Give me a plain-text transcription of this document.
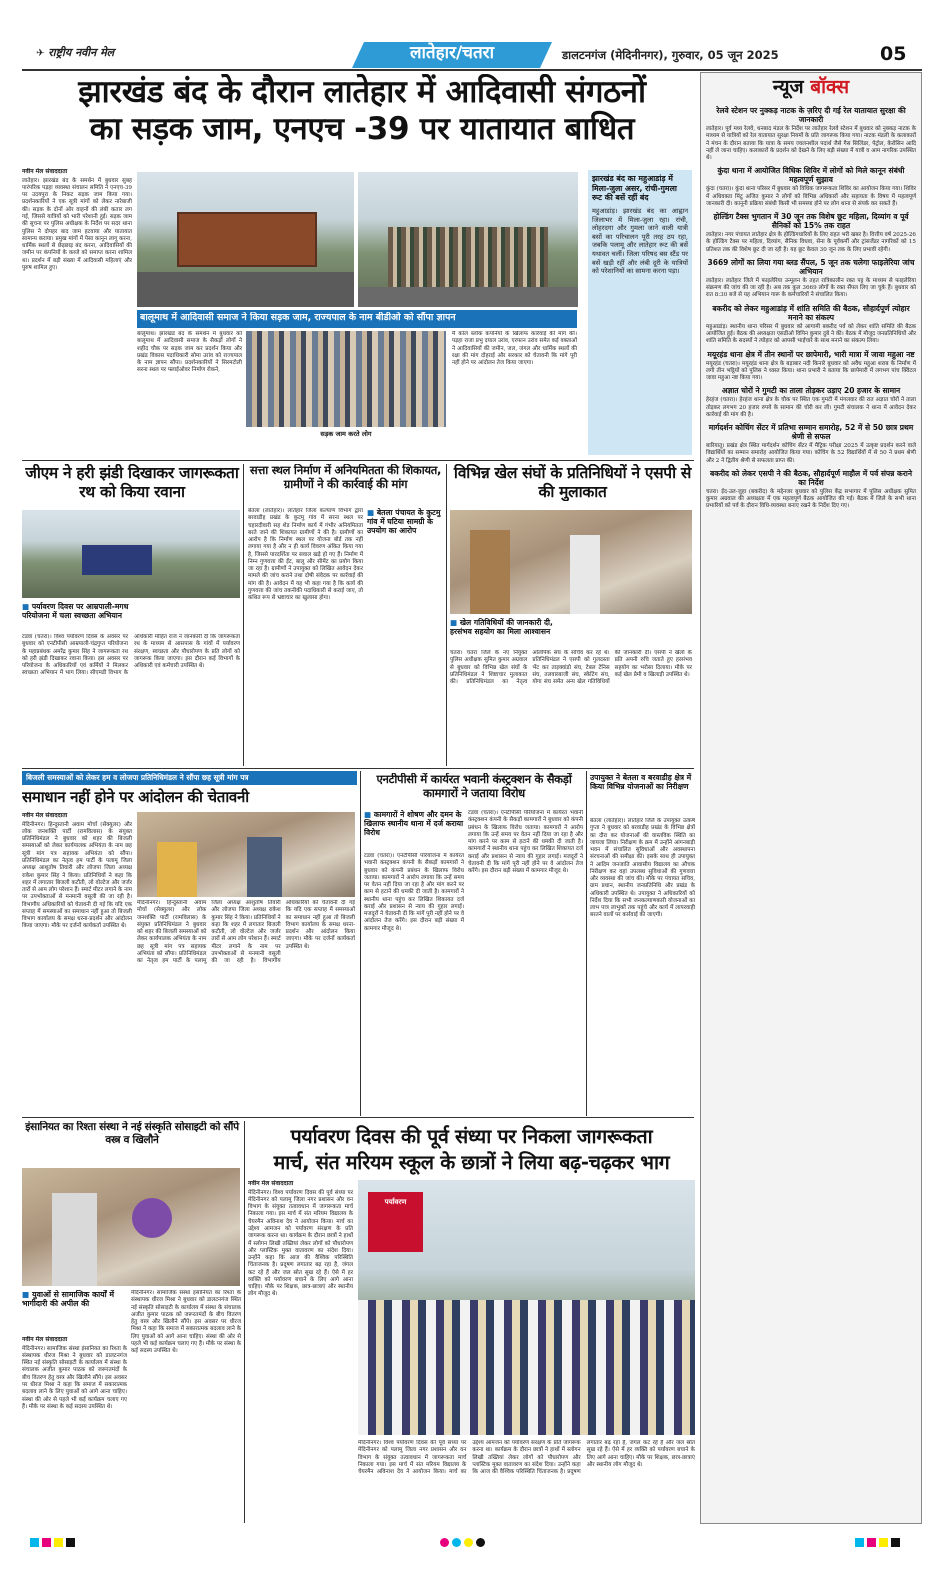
✈ राष्ट्रीय नवीन मेल	लातेहार/चतरा	डालटनगंज (मेदिनीनगर), गुरुवार, 05 जून 2025	05
झारखंड बंद के दौरान लातेहार में आदिवासी संगठनों
का सड़क जाम, एनएच -39 पर यातायात बाधित
नवीन मेल संवाददाता
लातेहार। झारखंड बंद के समर्थन में बुधवार सुबह पारंपरिक पड़हा व्यवस्था संचालन समिति ने एनएच-39 पर उदयपुरा के निकट सड़क जाम किया गया। प्रदर्शनकारियों ने एक सूत्री मांगों को लेकर नारेबाजी की। सड़क के दोनों ओर वाहनों की लंबी कतार लग गई, जिससे यात्रियों को भारी परेशानी हुई। सड़क जाम की सूचना पर पुलिस अधीक्षक के निर्देश पर सदर थाना पुलिस ने दोपहर बाद जाम हटवाया और यातायात सामान्य कराया। प्रमुख मांगों में पेसा कानून लागू करना, धार्मिक स्थलों से छेड़छाड़ बंद करना, आदिवासियों की जमीन पर कंपनियों के कब्जे को समाप्त करना शामिल था। प्रदर्शन में बड़ी संख्या में आदिवासी महिलाएं और पुरुष शामिल हुए।
झारखंड बंद का महुआडांड़ में मिला-जुला असर, रांची-गुमला रूट की बसें रहीं बंद
महुआडांड़। झारखंड बंद का आह्वान जिलाभर में मिला-जुला रहा। रांची, लोहरदगा और गुमला जाने वाली यात्री बसों का परिचालन पूरी तरह ठप रहा, जबकि पलामू और लातेहार रूट की बसें यथावत चलीं। जिला परिषद बस स्टैंड पर बसें खड़ी रहीं और लंबी दूरी के यात्रियों को परेशानियों का सामना करना पड़ा।
बालूमाथ में आदिवासी समाज ने किया सड़क जाम, राज्यपाल के नाम बीडीओ को सौंपा ज्ञापन
बालूमाथ। झारखंड बंद के समर्थन में बुधवार को बालूमाथ में आदिवासी समाज के सैकड़ों लोगों ने शहीद चौक पर सड़क जाम कर प्रदर्शन किया और प्रखंड विकास पदाधिकारी सोमा उरांव को राज्यपाल के नाम ज्ञापन सौंपा। प्रदर्शनकारियों ने सिरमटोली सरना स्थल पर फ्लाईओवर निर्माण रोकने,
सड़क जाम करते लोग
मैं कोल ब्लॉक कंपनियों के खिलाफ कार्रवाई की मांग की। पड़हा राजा प्रभु दयाल उरांव, एरफान उरांव समेत कई वक्ताओं ने आदिवासियों की जमीन, जल, जंगल और धार्मिक स्थलों की रक्षा की मांग दोहराई और सरकार को चेतावनी कि मांगे पूरी नहीं होने पर आंदोलन तेज किया जाएगा।
जीएम ने हरी झंडी दिखाकर जागरूकता रथ को किया रवाना
■ पर्यावरण दिवस पर आम्रपाली-मगध परियोजना में चला स्वच्छता अभियान
टंडवा (चतरा)। विश्व पर्यावरण दिवस के अवसर पर बुधवार को एनटीपीसी आम्रपाली-चंद्रगुप्त परियोजना के महाप्रबंधक अमरेंद्र कुमार सिंह ने जागरूकता रथ को हरी झंडी दिखाकर रवाना किया। इस अवसर पर परियोजना के अधिकारियों एवं कर्मियों ने मिलकर स्वच्छता अभियान में भाग लिया। सीएमडी विभाग के अधिकारी मोहित राज ने जानकारी दी कि जागरूकता रथ के माध्यम से आसपास के गांवों में पर्यावरण संरक्षण, स्वच्छता और पौधारोपण के प्रति लोगों को जागरूक किया जाएगा। इस दौरान कई विभागों के अधिकारी एवं कर्मचारी उपस्थित थे।
सत्ता स्थल निर्माण में अनियमितता की शिकायत, ग्रामीणों ने की कार्रवाई की मांग
■ बेतला पंचायत के कुटमु गांव में घटिया सामग्री के उपयोग का आरोप
बेतला (लातेहार)। लातेहार जिला कल्याण विभाग द्वारा बरवाडीह प्रखंड के कुटमु गांव में सरना स्थल पर चहारदीवारी सह शेड निर्माण कार्य में गंभीर अनियमितता बरते जाने की शिकायत ग्रामीणों ने की है। ग्रामीणों का आरोप है कि निर्माण स्थल पर योजना बोर्ड तक नहीं लगाया गया है और न ही कार्य विवरण अंकित किया गया है, जिससे पारदर्शिता पर सवाल खड़े हो गए हैं। निर्माण में निम्न गुणवत्ता की ईंट, बालू और सीमेंट का प्रयोग किया जा रहा है। ग्रामीणों ने उपायुक्त को लिखित आवेदन देकर मामले की जांच कराने तथा दोषी संवेदक पर कार्रवाई की मांग की है। आवेदन में यह भी कहा गया है कि कार्य की गुणवत्ता की जांच तकनीकी पदाधिकारी से कराई जाए, तो कथित रूप से भ्रष्टाचार का खुलासा होगा।
विभिन्न खेल संघों के प्रतिनिधियों ने एसपी से की मुलाकात
■ खेल गतिविधियों की जानकारी दी, हरसंभव सहयोग का मिला आश्वासन
चतरा। चतरा जिले के नए नियुक्त पुलिस अधीक्षक सुमित कुमार अग्रवाल से बुधवार को विभिन्न खेल संघों के प्रतिनिधिमंडल ने शिष्टाचार मुलाकात की। प्रतिनिधिमंडल का नेतृत्व ओलंपिक संघ के सचिव कर रहे थे। प्रतिनिधिमंडल ने एसपी को गुलदस्ता भेंट कर ताइक्वांडो संघ, टेबल टेनिस संघ, तलवारबाजी संघ, स्केटिंग संघ, योगा संघ समेत अन्य खेल गतिविधियों की जानकारी दी। एसपी ने खेलों के प्रति अपनी रुचि जताते हुए हरसंभव सहयोग का भरोसा दिलाया। मौके पर कई खेल प्रेमी व खिलाड़ी उपस्थित थे।
बिजली समस्याओं को लेकर हम व लोजपा प्रतिनिधिमंडल ने सौंपा छह सूत्री मांग पत्र
समाधान नहीं होने पर आंदोलन की चेतावनी
नवीन मेल संवाददाता
मेदिनीनगर। हिन्दुस्तानी अवाम मोर्चा (सेक्युलर) और लोक जनशक्ति पार्टी (रामविलास) के संयुक्त प्रतिनिधिमंडल ने बुधवार को शहर की बिजली समस्याओं को लेकर कार्यपालक अभियंता के नाम छह सूत्री मांग पत्र सहायक अभियंता को सौंपा। प्रतिनिधिमंडल का नेतृत्व हम पार्टी के पलामू जिला अध्यक्ष आशुतोष तिवारी और लोजपा जिला अध्यक्ष राकेश कुमार सिंह ने किया। प्रतिनिधियों ने कहा कि शहर में लगातार बिजली कटौती, लो वोल्टेज और जर्जर तारों से आम लोग परेशान हैं। स्मार्ट मीटर लगाने के नाम पर उपभोक्ताओं से मनमानी वसूली की जा रही है। विभागीय अधिकारियों को चेतावनी दी गई कि यदि एक सप्ताह में समस्याओं का समाधान नहीं हुआ तो बिजली विभाग कार्यालय के समक्ष धरना-प्रदर्शन और आंदोलन किया जाएगा। मौके पर दर्जनों कार्यकर्ता उपस्थित थे।
मेदिनीनगर। हिन्दुस्तानी अवाम मोर्चा (सेक्युलर) और लोक जनशक्ति पार्टी (रामविलास) के संयुक्त प्रतिनिधिमंडल ने बुधवार को शहर की बिजली समस्याओं को लेकर कार्यपालक अभियंता के नाम छह सूत्री मांग पत्र सहायक अभियंता को सौंपा। प्रतिनिधिमंडल का नेतृत्व हम पार्टी के पलामू जिला अध्यक्ष आशुतोष तिवारी और लोजपा जिला अध्यक्ष राकेश कुमार सिंह ने किया। प्रतिनिधियों ने कहा कि शहर में लगातार बिजली कटौती, लो वोल्टेज और जर्जर तारों से आम लोग परेशान हैं। स्मार्ट मीटर लगाने के नाम पर उपभोक्ताओं से मनमानी वसूली की जा रही है। विभागीय अधिकारियों को चेतावनी दी गई कि यदि एक सप्ताह में समस्याओं का समाधान नहीं हुआ तो बिजली विभाग कार्यालय के समक्ष धरना-प्रदर्शन और आंदोलन किया जाएगा। मौके पर दर्जनों कार्यकर्ता उपस्थित थे।
एनटीपीसी में कार्यरत भवानी कंस्ट्रक्शन के सैकड़ों कामगारों ने जताया विरोध
■ कामगारों ने शोषण और दमन के खिलाफ स्थानीय थाना में दर्ज कराया विरोध
टंडवा (चतरा)। एनटीपीसी परियोजना में कार्यरत भवानी कंस्ट्रक्शन कंपनी के सैकड़ों कामगारों ने बुधवार को कंपनी प्रबंधन के खिलाफ विरोध जताया। कामगारों ने आरोप लगाया कि उन्हें समय पर वेतन नहीं दिया जा रहा है और मांग करने पर काम से हटाने की धमकी दी जाती है। कामगारों ने स्थानीय थाना पहुंच कर लिखित शिकायत दर्ज कराई और प्रशासन से न्याय की गुहार लगाई। मजदूरों ने चेतावनी दी कि मांगें पूरी नहीं होने पर वे आंदोलन तेज करेंगे। इस दौरान बड़ी संख्या में कामगार मौजूद थे।
टंडवा (चतरा)। एनटीपीसी परियोजना में कार्यरत भवानी कंस्ट्रक्शन कंपनी के सैकड़ों कामगारों ने बुधवार को कंपनी प्रबंधन के खिलाफ विरोध जताया। कामगारों ने आरोप लगाया कि उन्हें समय पर वेतन नहीं दिया जा रहा है और मांग करने पर काम से हटाने की धमकी दी जाती है। कामगारों ने स्थानीय थाना पहुंच कर लिखित शिकायत दर्ज कराई और प्रशासन से न्याय की गुहार लगाई। मजदूरों ने चेतावनी दी कि मांगें पूरी नहीं होने पर वे आंदोलन तेज करेंगे। इस दौरान बड़ी संख्या में कामगार मौजूद थे।
उपायुक्त ने बेतला व बरवाडीह क्षेत्र में किया विभिन्न योजनाओं का निरीक्षण
बेतला (लातेहार)। लातेहार जिले के उपायुक्त उत्कर्ष गुप्ता ने बुधवार को बरवाडीह प्रखंड के विभिन्न क्षेत्रों का दौरा कर योजनाओं की वास्तविक स्थिति का जायजा लिया। निरीक्षण के क्रम में उन्होंने आंगनबाड़ी भवन में संचालित सुविधाओं और अवस्थापना संरचनाओं की समीक्षा की। इसके साथ ही उपायुक्त ने आदिम जनजाति आवासीय विद्यालय का औचक निरीक्षण कर वहां उपलब्ध सुविधाओं की गुणवत्ता और व्यवस्था की जांच की। मौके पर पंचायत सचिव, ग्राम प्रधान, स्थानीय जनप्रतिनिधि और प्रखंड के अधिकारी उपस्थित थे। उपायुक्त ने अधिकारियों को निर्देश दिया कि सभी जनकल्याणकारी योजनाओं का लाभ पात्र लाभुकों तक पहुंचे और कार्य में लापरवाही बरतने वालों पर कार्रवाई की जाएगी।
इंसानियत का रिश्ता संस्था ने नई संस्कृति सोसाइटी को सौंपे वस्त्र व खिलौने
■ युवाओं से सामाजिक कार्यों में भागीदारी की अपील की
नवीन मेल संवाददाता
मेदिनीनगर। सामाजिक संस्था इंसानियत का रिश्ता के संस्थापक धीरज मिश्रा ने बुधवार को डालटनगंज स्थित नई संस्कृति सोसाइटी के कार्यालय में संस्था के संचालक अजीत कुमार पाठक को जरूरतमंदों के बीच वितरण हेतु वस्त्र और खिलौने सौंपे। इस अवसर पर धीरज मिश्रा ने कहा कि समाज में सकारात्मक बदलाव लाने के लिए युवाओं को आगे आना चाहिए। संस्था की ओर से पहले भी कई कार्यक्रम चलाए गए हैं। मौके पर संस्था के कई सदस्य उपस्थित थे।
मेदिनीनगर। सामाजिक संस्था इंसानियत का रिश्ता के संस्थापक धीरज मिश्रा ने बुधवार को डालटनगंज स्थित नई संस्कृति सोसाइटी के कार्यालय में संस्था के संचालक अजीत कुमार पाठक को जरूरतमंदों के बीच वितरण हेतु वस्त्र और खिलौने सौंपे। इस अवसर पर धीरज मिश्रा ने कहा कि समाज में सकारात्मक बदलाव लाने के लिए युवाओं को आगे आना चाहिए। संस्था की ओर से पहले भी कई कार्यक्रम चलाए गए हैं। मौके पर संस्था के कई सदस्य उपस्थित थे।
पर्यावरण दिवस की पूर्व संध्या पर निकला जागरूकता
मार्च, संत मरियम स्कूल के छात्रों ने लिया बढ़-चढ़कर भाग
नवीन मेल संवाददाता
मेदिनीनगर। विश्व पर्यावरण दिवस की पूर्व संध्या पर मेदिनीनगर को पलामू जिला नगर प्रशासन और वन विभाग के संयुक्त तत्वावधान में जागरूकता मार्च निकाला गया। इस मार्च में संत मरियम विद्यालय के चेयरमैन अविनाश देव ने आयोजन किया। मार्च का उद्देश्य आमजन को पर्यावरण संरक्षण के प्रति जागरूक करना था। कार्यक्रम के दौरान छात्रों ने हाथों में स्लोगन लिखी तख्तियां लेकर लोगों को पौधारोपण और प्लास्टिक मुक्त वातावरण का संदेश दिया। उन्होंने कहा कि आज की वैश्विक परिस्थिति चिंताजनक है। प्रदूषण लगातार बढ़ रहा है, जंगल कट रहे हैं और जल स्रोत सूख रहे हैं। ऐसे में हर व्यक्ति को पर्यावरण बचाने के लिए आगे आना चाहिए। मौके पर शिक्षक, छात्र-छात्राएं और स्थानीय लोग मौजूद थे।
पर्यावरण
मेदिनीनगर। विश्व पर्यावरण दिवस की पूर्व संध्या पर मेदिनीनगर को पलामू जिला नगर प्रशासन और वन विभाग के संयुक्त तत्वावधान में जागरूकता मार्च निकाला गया। इस मार्च में संत मरियम विद्यालय के चेयरमैन अविनाश देव ने आयोजन किया। मार्च का उद्देश्य आमजन को पर्यावरण संरक्षण के प्रति जागरूक करना था। कार्यक्रम के दौरान छात्रों ने हाथों में स्लोगन लिखी तख्तियां लेकर लोगों को पौधारोपण और प्लास्टिक मुक्त वातावरण का संदेश दिया। उन्होंने कहा कि आज की वैश्विक परिस्थिति चिंताजनक है। प्रदूषण लगातार बढ़ रहा है, जंगल कट रहे हैं और जल स्रोत सूख रहे हैं। ऐसे में हर व्यक्ति को पर्यावरण बचाने के लिए आगे आना चाहिए। मौके पर शिक्षक, छात्र-छात्राएं और स्थानीय लोग मौजूद थे।
न्यूज बॉक्स
रेलवे स्टेशन पर नुक्कड़ नाटक के ज़रिए दी गई रेल यातायात सुरक्षा की जानकारी
लातेहार। पूर्व मध्य रेलवे, धनबाद मंडल के निर्देश पर लातेहार रेलवे स्टेशन में बुधवार को नुक्कड़ नाटक के माध्यम से यात्रियों को रेल यातायात सुरक्षा नियमों के प्रति जागरूक किया गया। नाटक मंडली के कलाकारों ने मंचन के दौरान बताया कि यात्रा के समय ज्वलनशील पदार्थ जैसे गैस सिलिंडर, पेट्रोल, केरोसिन आदि नहीं ले जाना चाहिए। कलाकारों के प्रदर्शन को देखने के लिए बड़ी संख्या में यात्री व आम नागरिक उपस्थित थे।
कुंदा थाना में आयोजित विधिक शिविर में लोगों को मिले कानून संबंधी महत्वपूर्ण सुझाव
कुंदा (चतरा)। कुंदा थाना परिसर में बुधवार को विधिक जागरूकता शिविर का आयोजन किया गया। शिविर में अधिवक्ता मिंटू अजित कुमार ने लोगों को विभिन्न अधिकारों और सहायता के विषय में महत्वपूर्ण जानकारी दी। कानूनी प्रक्रिया संबंधी किसी भी समस्या होने पर लोग थाना से संपर्क कर सकते हैं।
होल्डिंग टैक्स भुगतान में 30 जून तक विशेष छूट महिला, दिव्यांग व पूर्व सैनिकों को 15% तक राहत
लातेहार। नगर पंचायत लातेहार क्षेत्र के होल्डिंगधारियों के लिए राहत भरी खबर है। वित्तीय वर्ष 2025-26 के होल्डिंग टैक्स पर महिला, दिव्यांग, सैनिक विधवा, सेना के पूर्वकर्मी और ट्रांसजेंडर नागरिकों को 15 प्रतिशत तक की विशेष छूट दी जा रही है। यह छूट केवल 30 जून तक के लिए प्रभावी रहेगी।
3669 लोगों का लिया गया ब्लड सैंपल, 5 जून तक चलेगा फाइलेरिया जांच अभियान
लातेहार। लातेहार जिले में फाइलेरिया उन्मूलन के तहत रात्रिकालीन रक्त पट्ट के माध्यम से फाइलेरिया संक्रमण की जांच की जा रही है। अब तक कुल 3669 लोगों के रक्त सैंपल लिए जा चुके हैं। बुधवार को रात 8:30 बजे से यह अभियान गारू के कर्मचारियों ने संचालित किया।
बकरीद को लेकर महुआडांड़ में शांति समिति की बैठक, सौहार्दपूर्ण त्योहार मनाने का संकल्प
महुआडांड़। स्थानीय थाना परिसर में बुधवार को आगामी बकरीद पर्व को लेकर शांति समिति की बैठक आयोजित हुई। बैठक की अध्यक्षता एसडीओ विपिन कुमार दुबे ने की। बैठक में मौजूद जनप्रतिनिधियों और शांति समिति के सदस्यों ने त्योहार को आपसी भाईचारे के साथ मनाने का संकल्प लिया।
मयूरहंड थाना क्षेत्र में तीन स्थानों पर छापेमारी, भारी मात्रा में जावा महुआ नष्ट
मयूरहंड (चतरा)। मयूरहंड थाना क्षेत्र के बड़ाबार नदी किनारे बुधवार को अवैध महुआ शराब के निर्माण में लगी तीन भट्ठियों को पुलिस ने ध्वस्त किया। थाना प्रभारी ने बताया कि छापेमारी में लगभग पांच क्विंटल जावा महुआ नष्ट किया गया।
अज्ञात चोरों ने गुमटी का ताला तोड़कर उड़ाए 20 हजार के सामान
हेरहंज (चतरा)। हेरहंज थाना क्षेत्र के चौक पर स्थित एक गुमटी में मंगलवार की रात अज्ञात चोरों ने ताला तोड़कर लगभग 20 हजार रुपये के सामान की चोरी कर ली। गुमटी संचालक ने थाना में आवेदन देकर कार्रवाई की मांग की है।
मार्गदर्शन कोचिंग सेंटर में प्रतिभा सम्मान समारोह, 52 में से 50 छात्र प्रथम श्रेणी से सफल
बारियातू। प्रखंड क्षेत्र स्थित मार्गदर्शन कोचिंग सेंटर में मैट्रिक परीक्षा 2025 में उत्कृष्ट प्रदर्शन करने वाले विद्यार्थियों का सम्मान समारोह आयोजित किया गया। कोचिंग के 52 विद्यार्थियों में से 50 ने प्रथम श्रेणी और 2 ने द्वितीय श्रेणी से सफलता प्राप्त की।
बकरीद को लेकर एसपी ने की बैठक, सौहार्दपूर्ण माहौल में पर्व संपन्न कराने का निर्देश
चतरा। ईद-उल-जुहा (बकरीद) के मद्देनजर बुधवार को पुलिस केंद्र सभागार में पुलिस अधीक्षक सुमित कुमार अग्रवाल की अध्यक्षता में एक महत्वपूर्ण बैठक आयोजित की गई। बैठक में जिले के सभी थाना प्रभारियों को पर्व के दौरान विधि-व्यवस्था बनाए रखने के निर्देश दिए गए।
